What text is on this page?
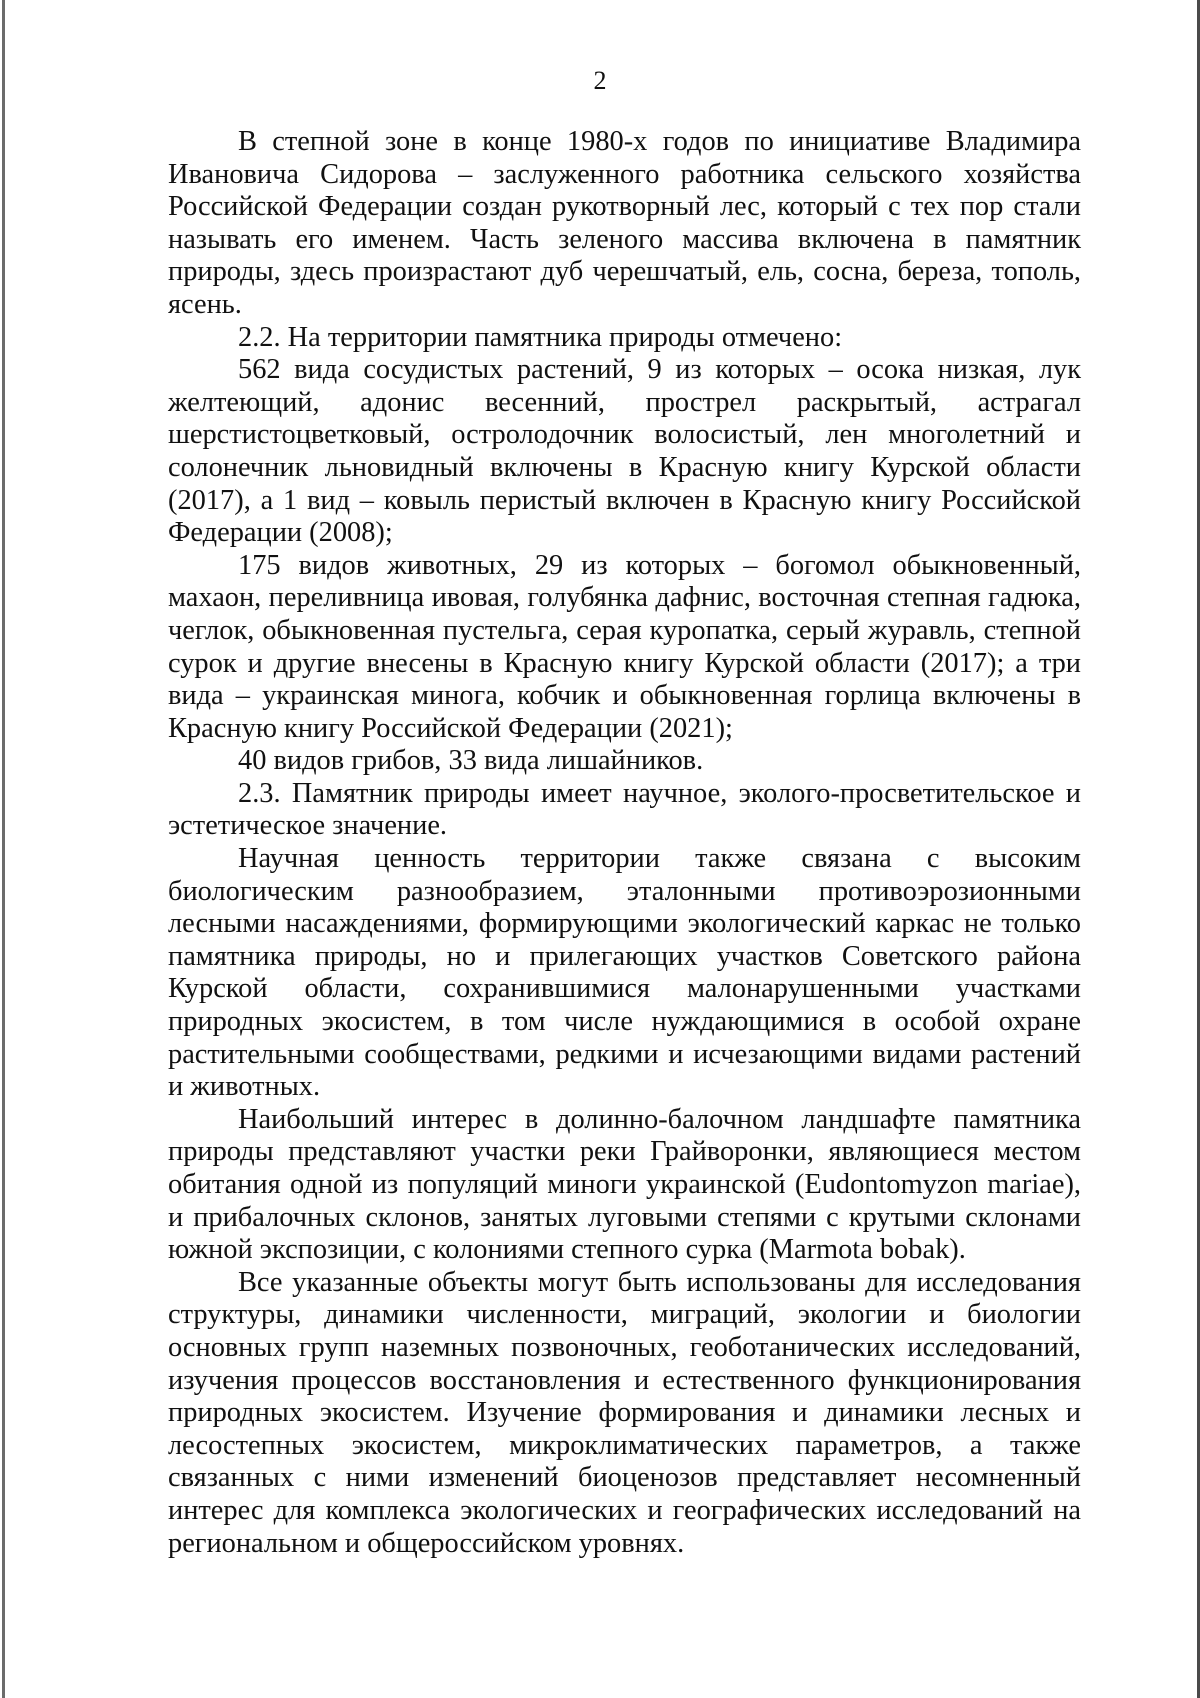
2

В степной зоне в конце 1980-х годов по инициативе Владимира Ивановича Сидорова – заслуженного работника сельского хозяйства Российской Федерации создан рукотворный лес, который с тех пор стали называть его именем. Часть зеленого массива включена в памятник природы, здесь произрастают дуб черешчатый, ель, сосна, береза, тополь, ясень.

2.2. На территории памятника природы отмечено:

562 вида сосудистых растений, 9 из которых – осока низкая, лук желтеющий, адонис весенний, прострел раскрытый, астрагал шерстистоцветковый, остролодочник волосистый, лен многолетний и солонечник льновидный включены в Красную книгу Курской области (2017), а 1 вид – ковыль перистый включен в Красную книгу Российской Федерации (2008);

175 видов животных, 29 из которых – богомол обыкновенный, махаон, переливница ивовая, голубянка дафнис, восточная степная гадюка, чеглок, обыкновенная пустельга, серая куропатка, серый журавль, степной сурок и другие внесены в Красную книгу Курской области (2017); а три вида – украинская минога, кобчик и обыкновенная горлица включены в Красную книгу Российской Федерации (2021);

40 видов грибов, 33 вида лишайников.

2.3. Памятник природы имеет научное, эколого-просветительское и эстетическое значение.

Научная ценность территории также связана с высоким биологическим разнообразием, эталонными противоэрозионными лесными насаждениями, формирующими экологический каркас не только памятника природы, но и прилегающих участков Советского района Курской области, сохранившимися малонарушенными участками природных экосистем, в том числе нуждающимися в особой охране растительными сообществами, редкими и исчезающими видами растений и животных.

Наибольший интерес в долинно-балочном ландшафте памятника природы представляют участки реки Грайворонки, являющиеся местом обитания одной из популяций миноги украинской (Eudontomyzon mariae), и прибалочных склонов, занятых луговыми степями с крутыми склонами южной экспозиции, с колониями степного сурка (Marmota bobak).

Все указанные объекты могут быть использованы для исследования структуры, динамики численности, миграций, экологии и биологии основных групп наземных позвоночных, геоботанических исследований, изучения процессов восстановления и естественного функционирования природных экосистем. Изучение формирования и динамики лесных и лесостепных экосистем, микроклиматических параметров, а также связанных с ними изменений биоценозов представляет несомненный интерес для комплекса экологических и географических исследований на региональном и общероссийском уровнях.
